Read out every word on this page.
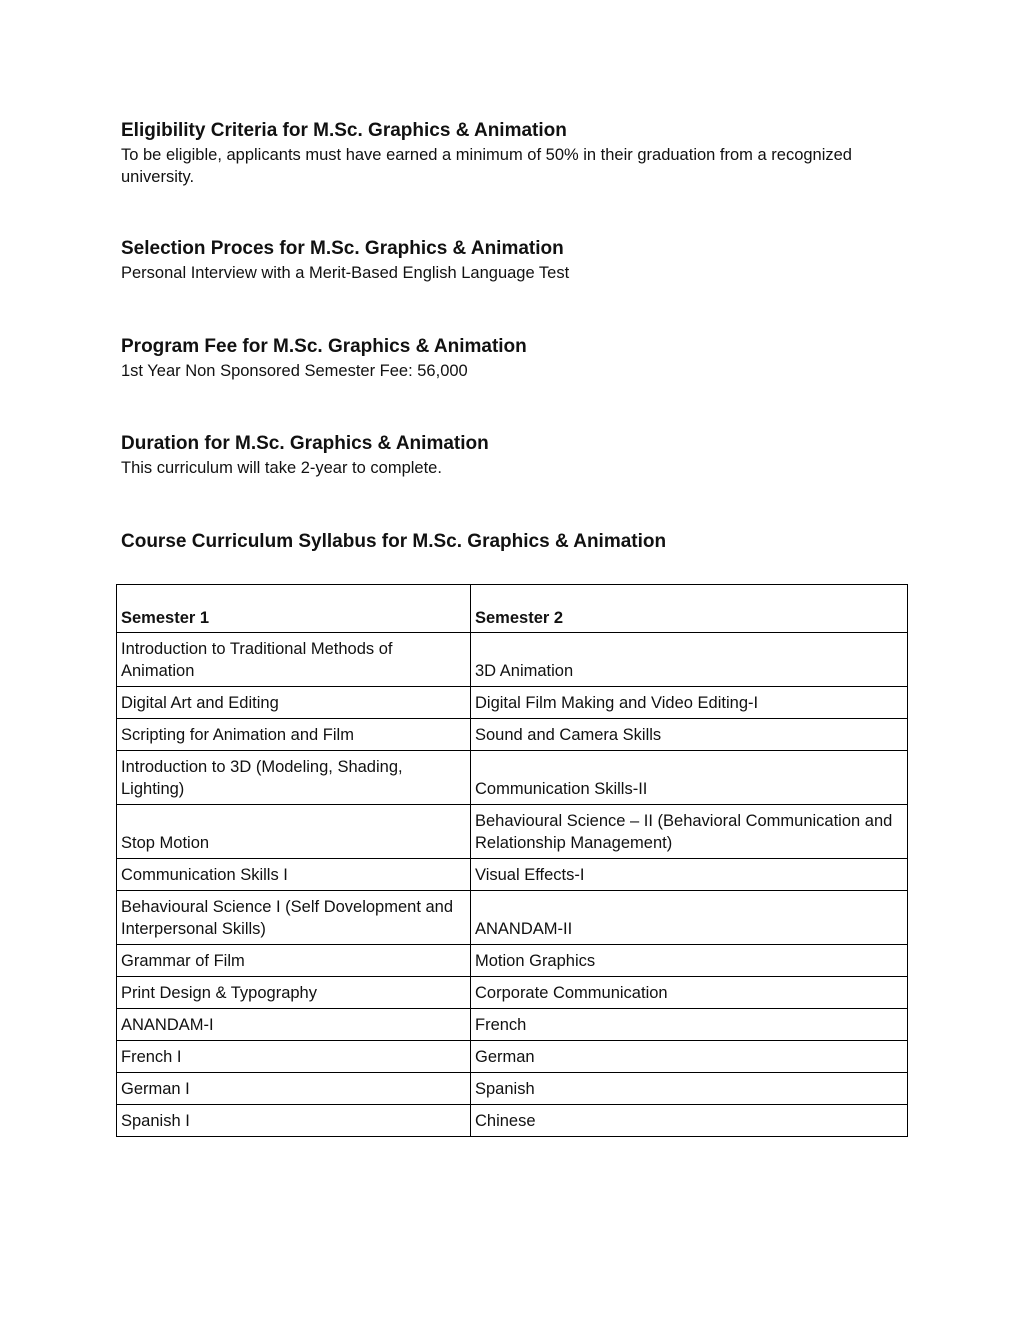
Eligibility Criteria for M.Sc. Graphics & Animation

To be eligible, applicants must have earned a minimum of 50% in their graduation from a recognized university.

Selection Proces for M.Sc. Graphics & Animation

Personal Interview with a Merit-Based English Language Test

Program Fee for M.Sc. Graphics & Animation

1st Year Non Sponsored Semester Fee: 56,000

Duration for M.Sc. Graphics & Animation

This curriculum will take 2-year to complete.

Course Curriculum Syllabus for M.Sc. Graphics & Animation
Semester 1	Semester 2
Introduction to Traditional Methods of Animation	3D Animation
Digital Art and Editing	Digital Film Making and Video Editing-I
Scripting for Animation and Film	Sound and Camera Skills
Introduction to 3D (Modeling, Shading, Lighting)	Communication Skills-II
Stop Motion	Behavioural Science – II (Behavioral Communication and Relationship Management)
Communication Skills I	Visual Effects-I
Behavioural Science I (Self Dovelopment and Interpersonal Skills)	ANANDAM-II
Grammar of Film	Motion Graphics
Print Design & Typography	Corporate Communication
ANANDAM-I	French
French I	German
German I	Spanish
Spanish I	Chinese
